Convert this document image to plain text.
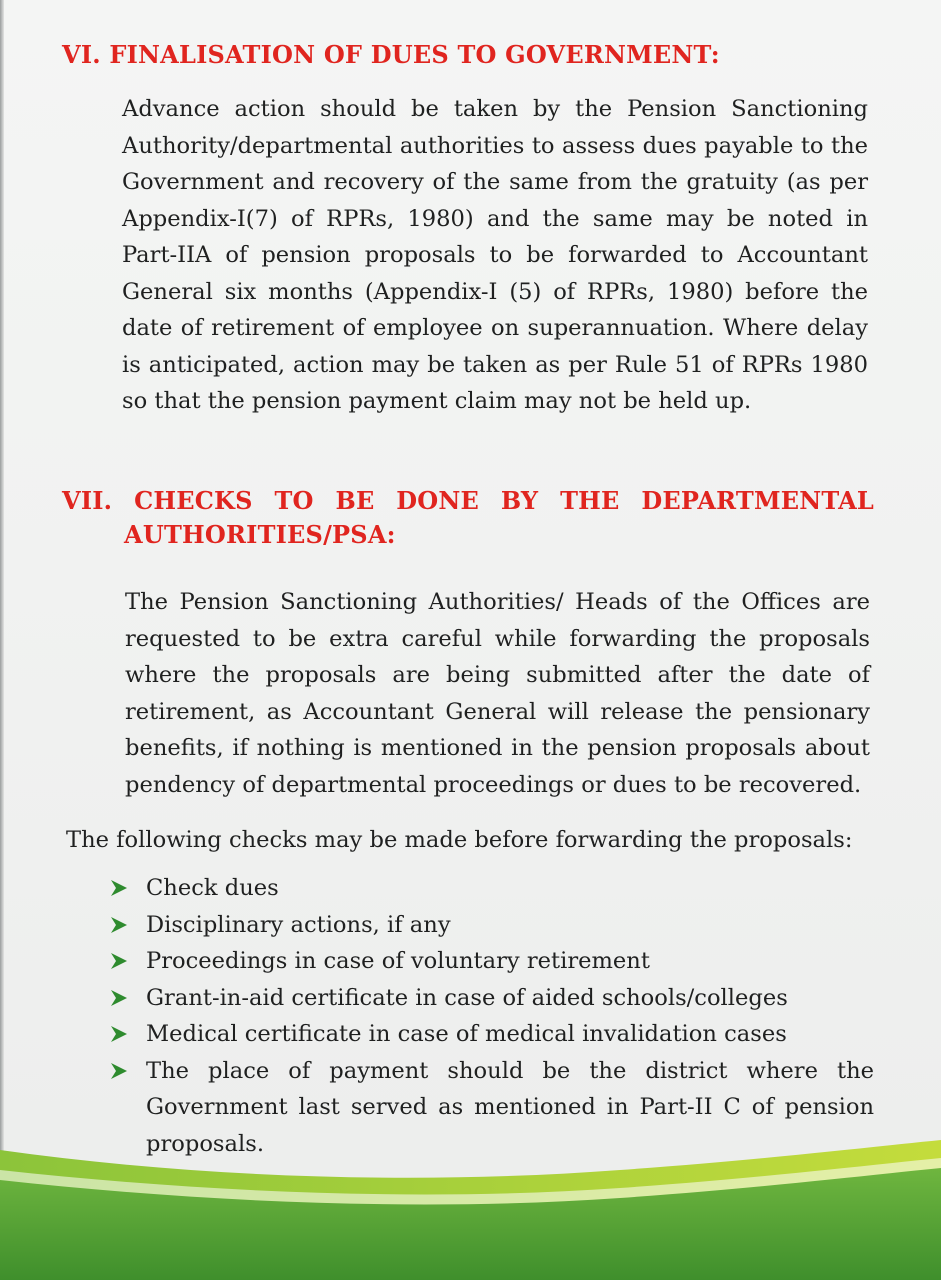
VI. FINALISATION OF DUES TO GOVERNMENT:

Advance action should be taken by the Pension Sanctioning Authority/departmental authorities to assess dues payable to the Government and recovery of the same from the gratuity (as per Appendix-I(7) of RPRs, 1980) and the same may be noted in Part-IIA of pension proposals to be forwarded to Accountant General six months (Appendix-I (5) of RPRs, 1980) before the date of retirement of employee on superannuation. Where delay is anticipated, action may be taken as per Rule 51 of RPRs 1980 so that the pension payment claim may not be held up.

VII. CHECKS TO BE DONE BY THE DEPARTMENTAL
AUTHORITIES/PSA:

The Pension Sanctioning Authorities/ Heads of the Offices are requested to be extra careful while forwarding the proposals where the proposals are being submitted after the date of retirement, as Accountant General will release the pensionary benefits, if nothing is mentioned in the pension proposals about pendency of departmental proceedings or dues to be recovered.

The following checks may be made before forwarding the proposals:

Check dues
Disciplinary actions, if any
Proceedings in case of voluntary retirement
Grant-in-aid certificate in case of aided schools/colleges
Medical certificate in case of medical invalidation cases
The place of payment should be the district where the Government last served as mentioned in Part-II C of pension proposals.
